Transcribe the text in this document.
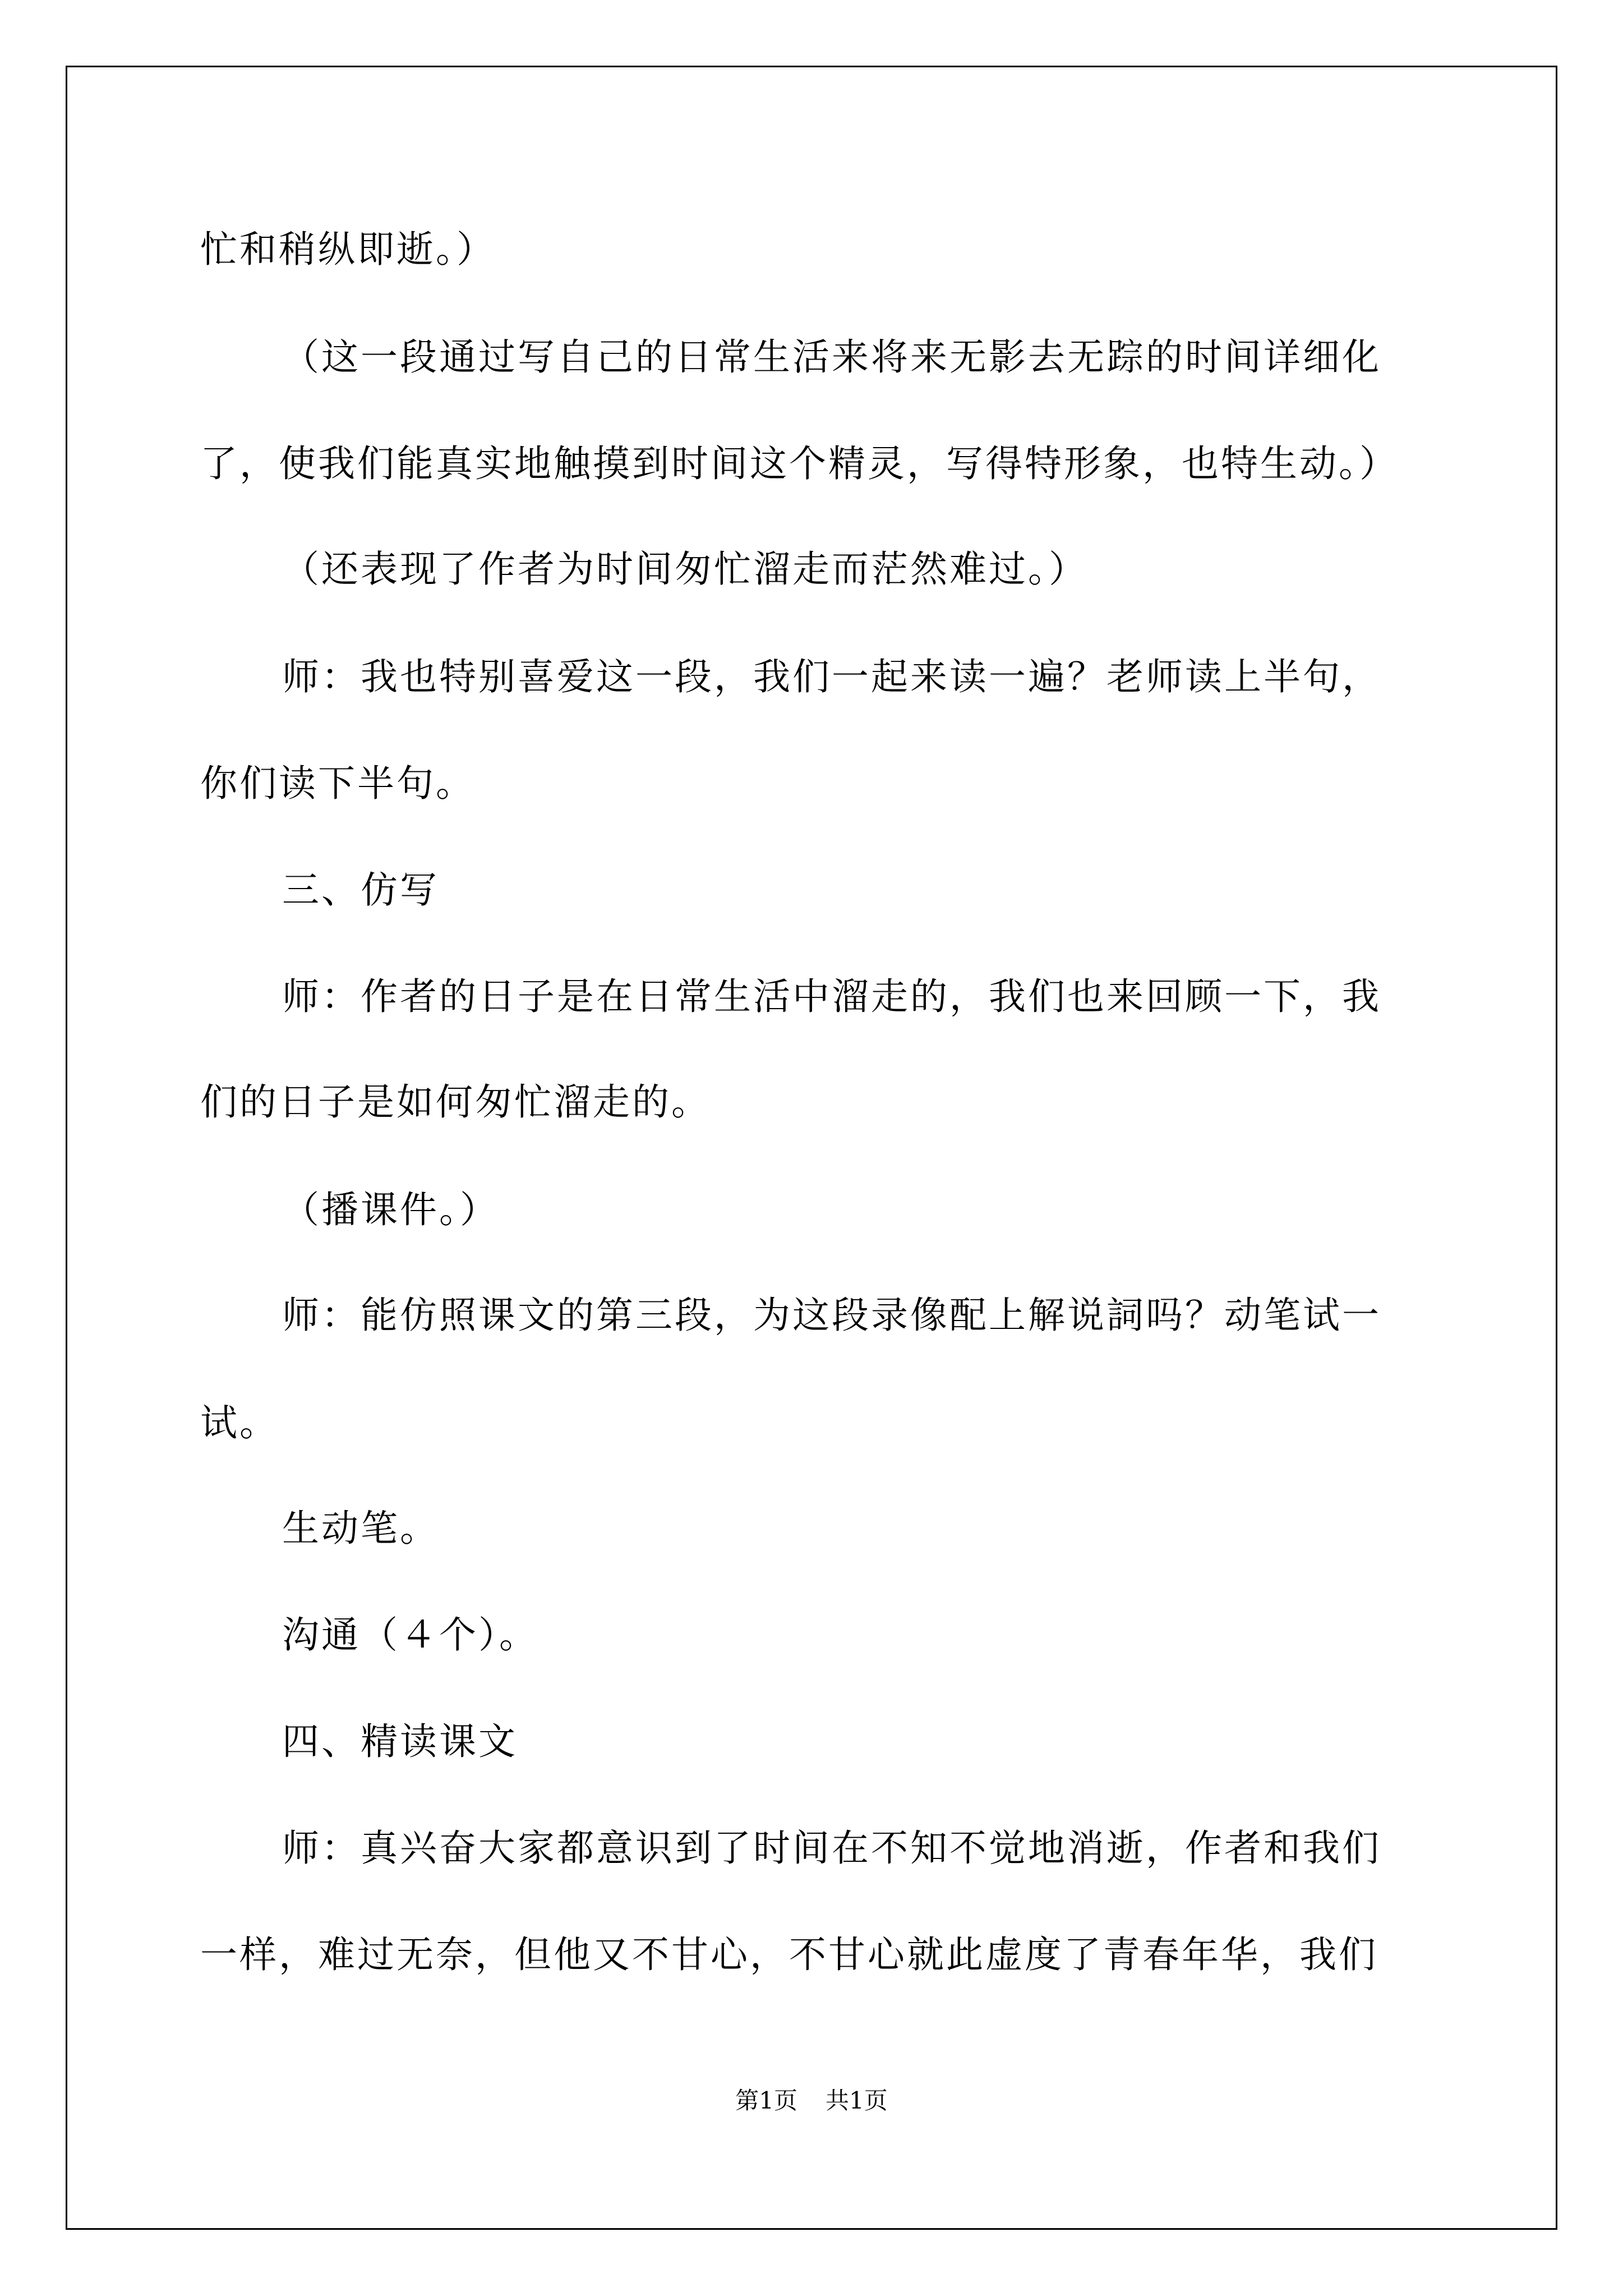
忙和稍纵即逝。）
（这一段通过写自己的日常生活来将来无影去无踪的时间详细化
了，使我们能真实地触摸到时间这个精灵，写得特形象，也特生动。）
（还表现了作者为时间匆忙溜走而茫然难过。）
师：我也特别喜爱这一段，我们一起来读一遍？老师读上半句，
你们读下半句。
三、仿写
师：作者的日子是在日常生活中溜走的，我们也来回顾一下，我
们的日子是如何匆忙溜走的。
（播课件。）
师：能仿照课文的第三段，为这段录像配上解说詞吗？动笔试一
试。
生动笔。
沟通（４个）。
四、精读课文
师：真兴奋大家都意识到了时间在不知不觉地消逝，作者和我们
一样，难过无奈，但他又不甘心，不甘心就此虚度了青春年华，我们
第1页 共1页
